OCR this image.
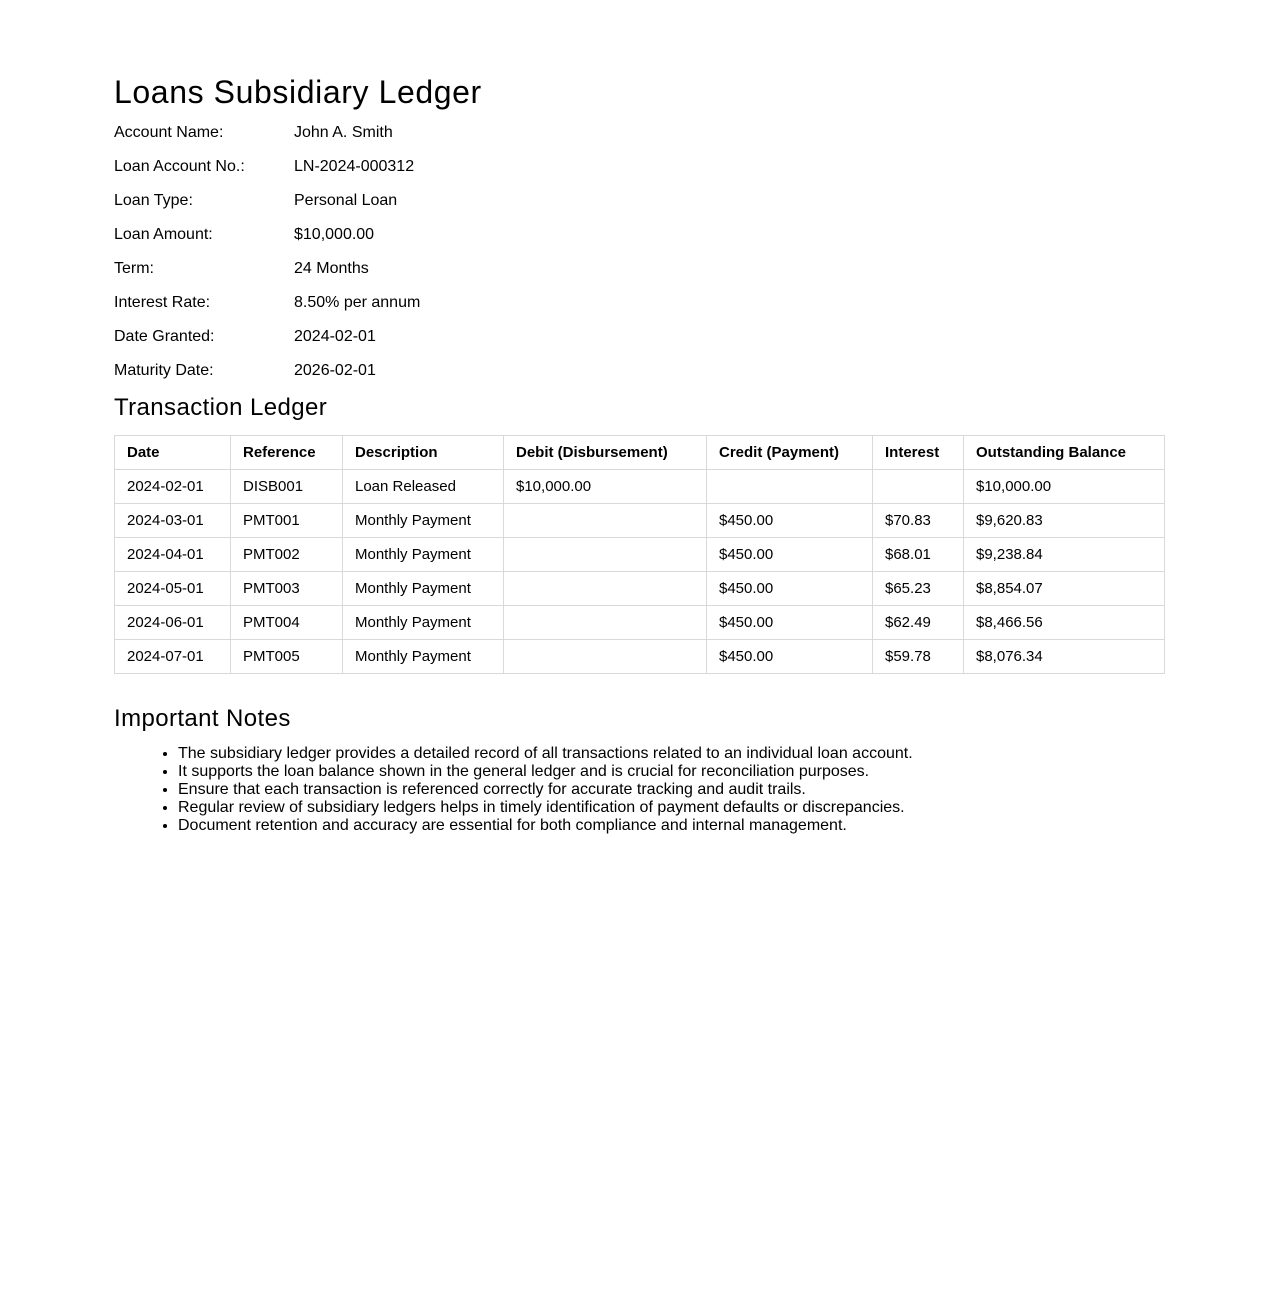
Loans Subsidiary Ledger
Account Name:	John A. Smith
Loan Account No.:	LN-2024-000312
Loan Type:	Personal Loan
Loan Amount:	$10,000.00
Term:	24 Months
Interest Rate:	8.50% per annum
Date Granted:	2024-02-01
Maturity Date:	2026-02-01
Transaction Ledger
Date	Reference	Description	Debit (Disbursement)	Credit (Payment)	Interest	Outstanding Balance
2024-02-01	DISB001	Loan Released	$10,000.00			$10,000.00
2024-03-01	PMT001	Monthly Payment		$450.00	$70.83	$9,620.83
2024-04-01	PMT002	Monthly Payment		$450.00	$68.01	$9,238.84
2024-05-01	PMT003	Monthly Payment		$450.00	$65.23	$8,854.07
2024-06-01	PMT004	Monthly Payment		$450.00	$62.49	$8,466.56
2024-07-01	PMT005	Monthly Payment		$450.00	$59.78	$8,076.34
Important Notes
• The subsidiary ledger provides a detailed record of all transactions related to an individual loan account.
• It supports the loan balance shown in the general ledger and is crucial for reconciliation purposes.
• Ensure that each transaction is referenced correctly for accurate tracking and audit trails.
• Regular review of subsidiary ledgers helps in timely identification of payment defaults or discrepancies.
• Document retention and accuracy are essential for both compliance and internal management.
